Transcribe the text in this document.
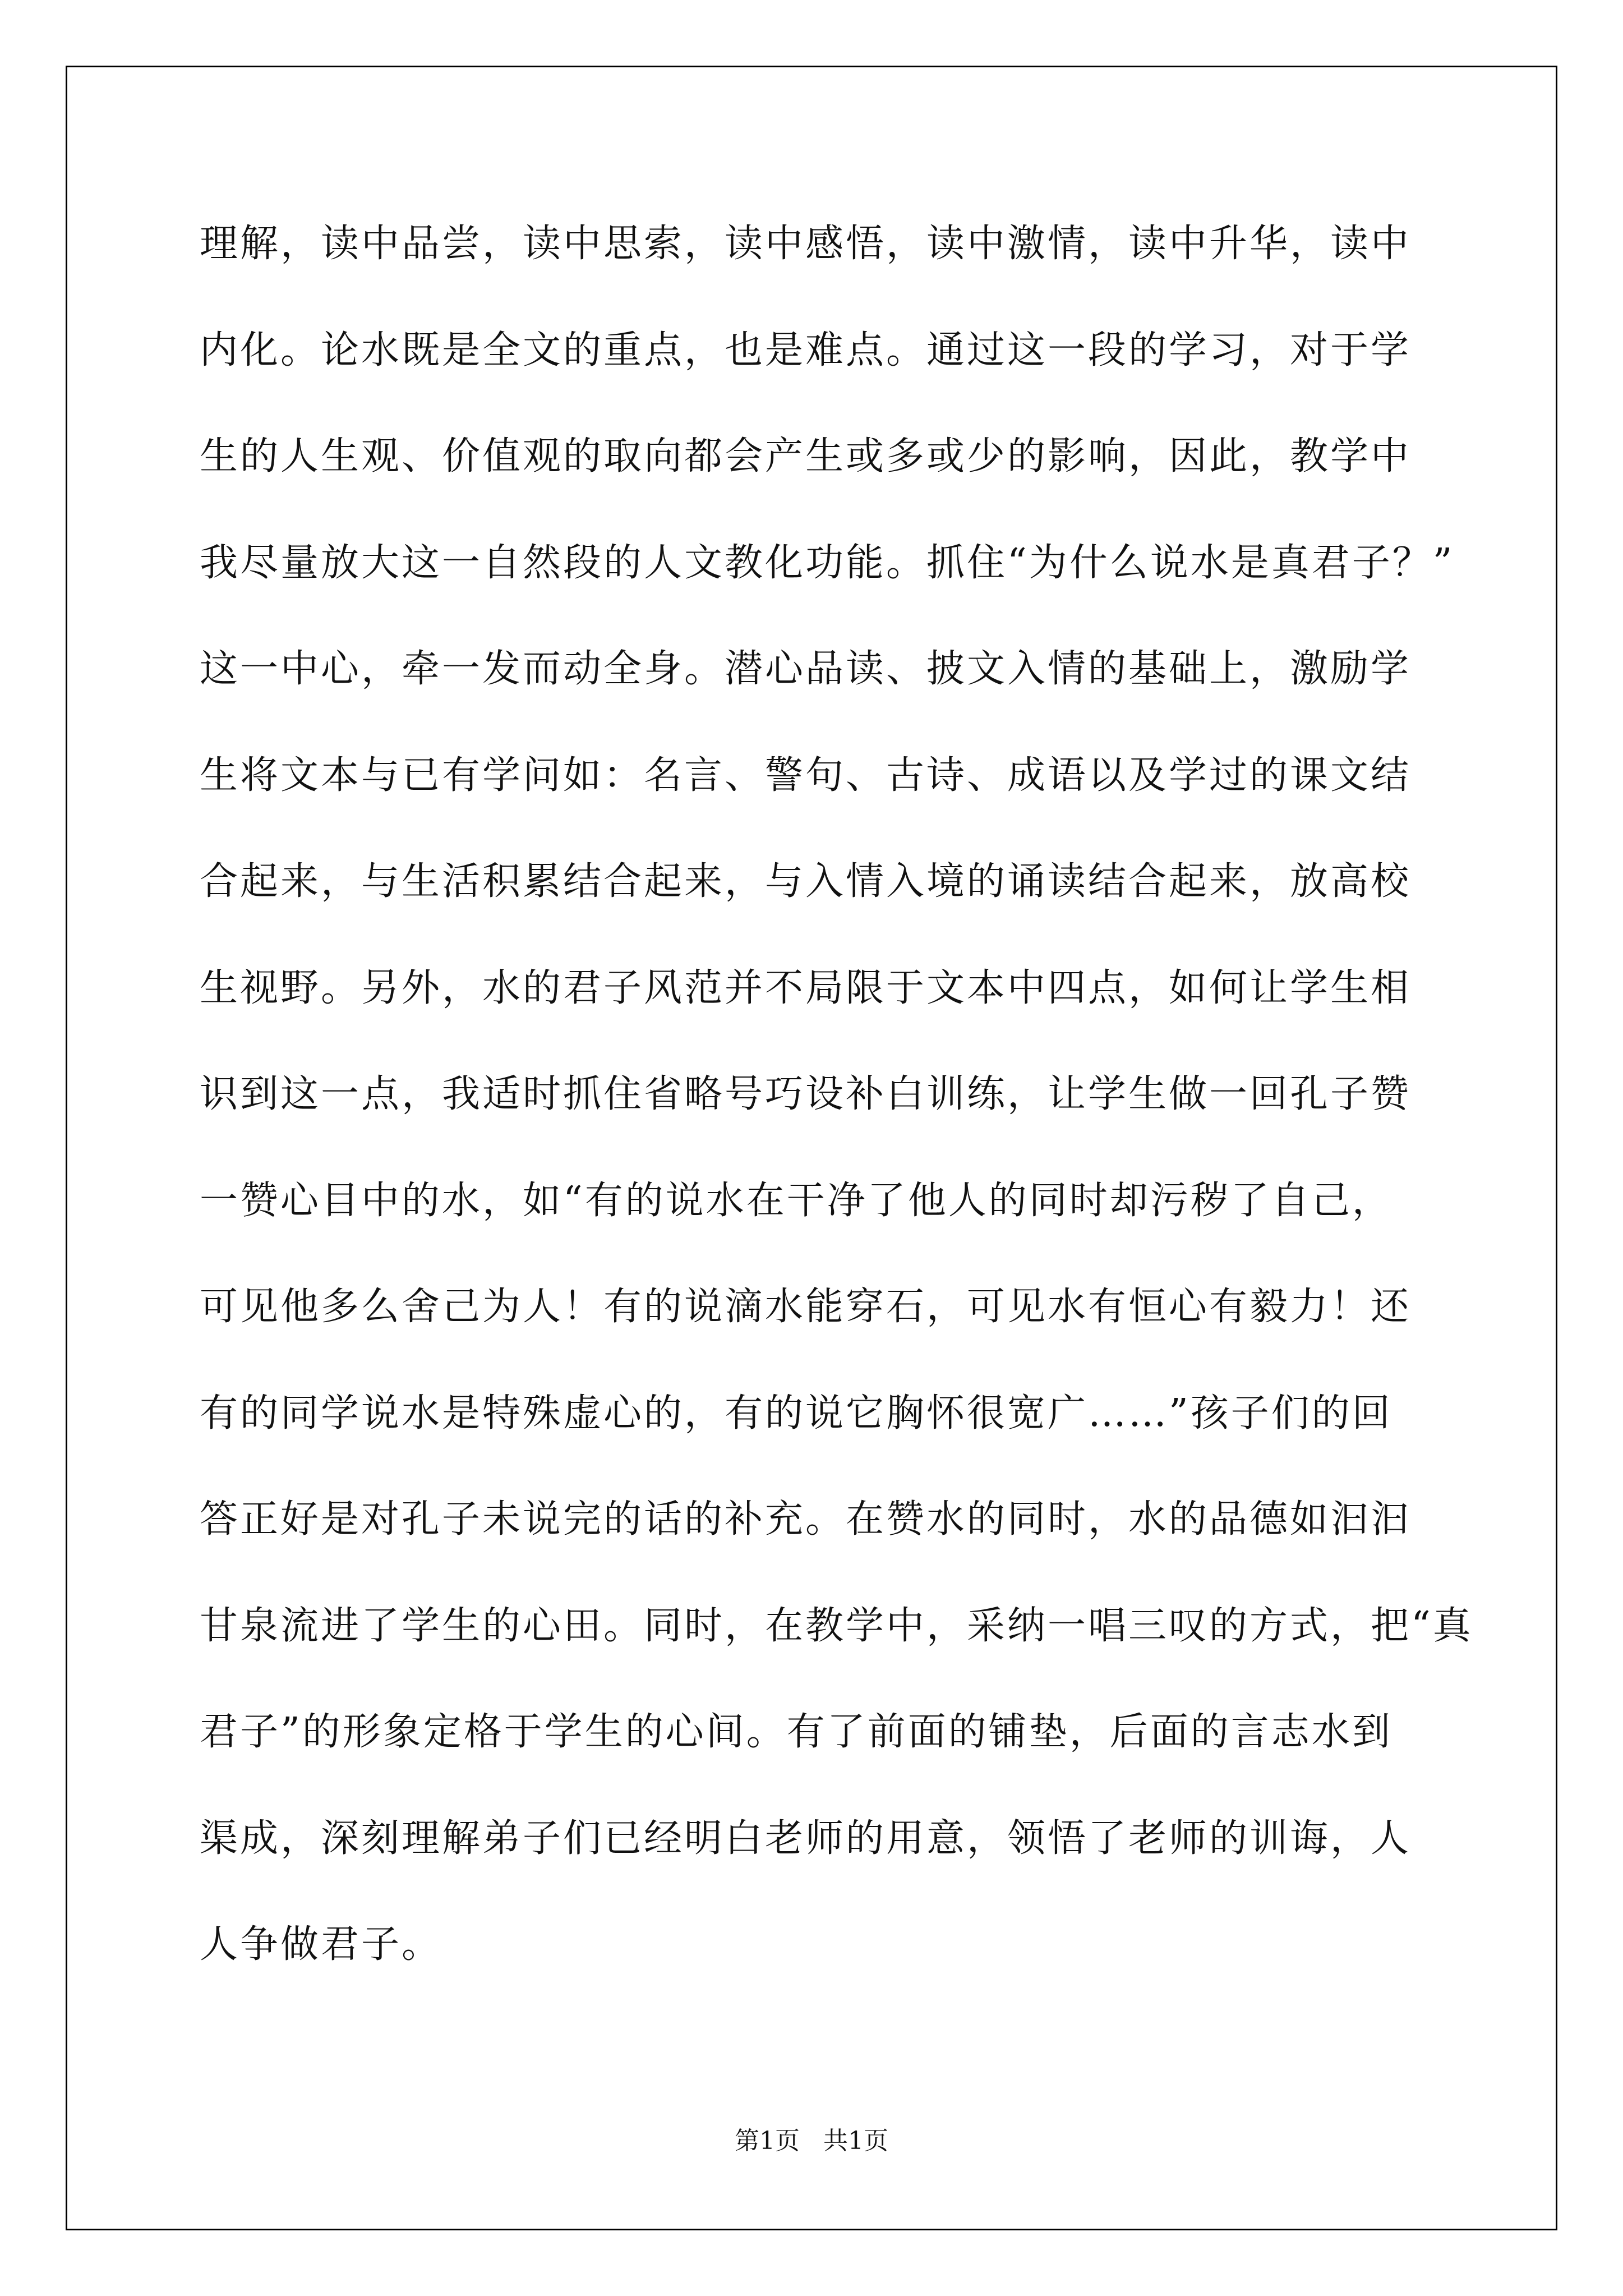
理解，读中品尝，读中思索，读中感悟，读中激情，读中升华，读中
内化。论水既是全文的重点，也是难点。通过这一段的学习，对于学
生的人生观、价值观的取向都会产生或多或少的影响，因此，教学中
我尽量放大这一自然段的人文教化功能。抓住“为什么说水是真君子？”
这一中心，牵一发而动全身。潜心品读、披文入情的基础上，激励学
生将文本与已有学问如：名言、警句、古诗、成语以及学过的课文结
合起来，与生活积累结合起来，与入情入境的诵读结合起来，放高校
生视野。另外，水的君子风范并不局限于文本中四点，如何让学生相
识到这一点，我适时抓住省略号巧设补白训练，让学生做一回孔子赞
一赞心目中的水，如“有的说水在干净了他人的同时却污秽了自己，
可见他多么舍己为人！有的说滴水能穿石，可见水有恒心有毅力！还
有的同学说水是特殊虚心的，有的说它胸怀很宽广……”孩子们的回
答正好是对孔子未说完的话的补充。在赞水的同时，水的品德如汩汩
甘泉流进了学生的心田。同时，在教学中，采纳一唱三叹的方式，把“真
君子”的形象定格于学生的心间。有了前面的铺垫，后面的言志水到
渠成，深刻理解弟子们已经明白老师的用意，领悟了老师的训诲，人
人争做君子。
第1页   共1页
